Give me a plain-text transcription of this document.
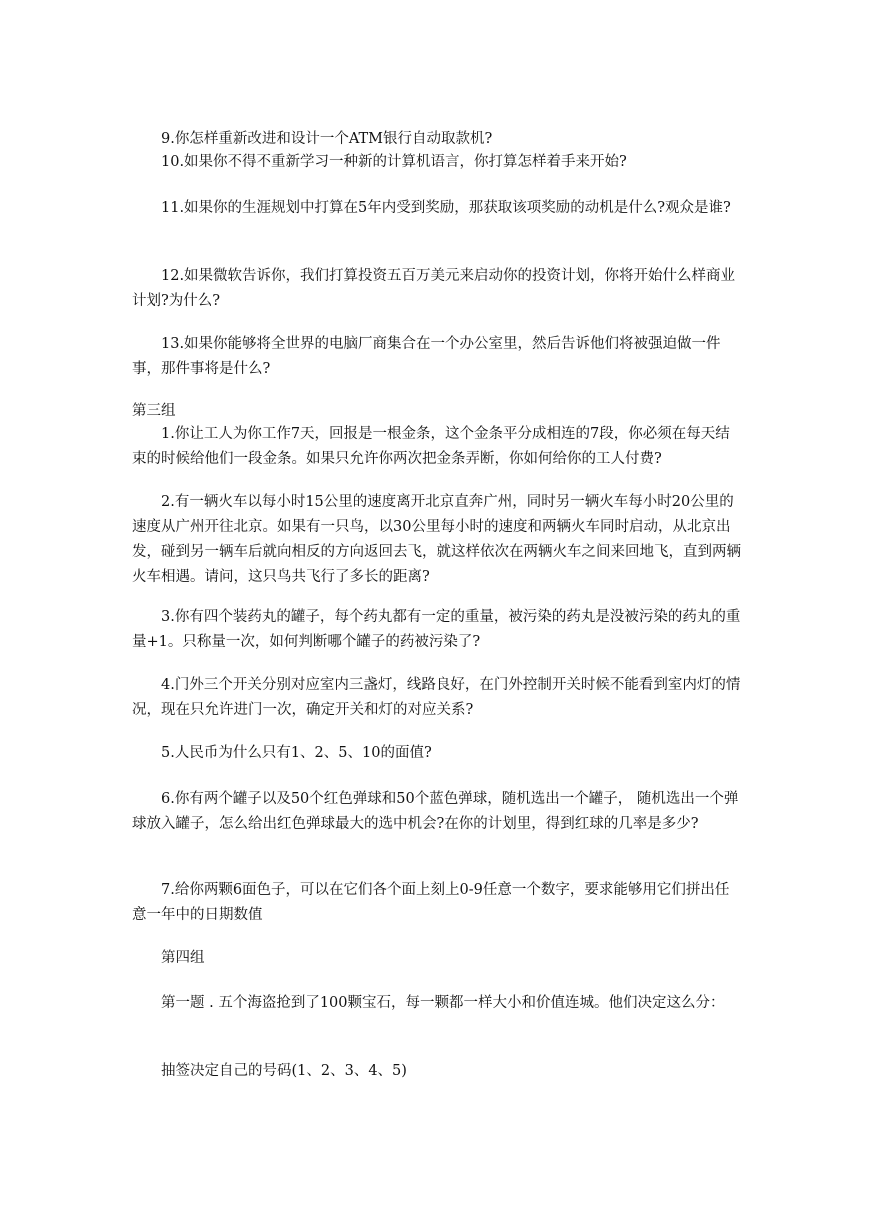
9.你怎样重新改进和设计一个ATM银行自动取款机?

10.如果你不得不重新学习一种新的计算机语言，你打算怎样着手来开始?

11.如果你的生涯规划中打算在5年内受到奖励，那获取该项奖励的动机是什么?观众是谁?

12.如果微软告诉你，我们打算投资五百万美元来启动你的投资计划，你将开始什么样商业计划?为什么?

13.如果你能够将全世界的电脑厂商集合在一个办公室里，然后告诉他们将被强迫做一件事，那件事将是什么?

第三组

1.你让工人为你工作7天，回报是一根金条，这个金条平分成相连的7段，你必须在每天结束的时候给他们一段金条。如果只允许你两次把金条弄断，你如何给你的工人付费?

2.有一辆火车以每小时15公里的速度离开北京直奔广州，同时另一辆火车每小时20公里的速度从广州开往北京。如果有一只鸟，以30公里每小时的速度和两辆火车同时启动，从北京出发，碰到另一辆车后就向相反的方向返回去飞，就这样依次在两辆火车之间来回地飞，直到两辆火车相遇。请问，这只鸟共飞行了多长的距离?

3.你有四个装药丸的罐子，每个药丸都有一定的重量，被污染的药丸是没被污染的药丸的重量+1。只称量一次，如何判断哪个罐子的药被污染了?

4.门外三个开关分别对应室内三盏灯，线路良好，在门外控制开关时候不能看到室内灯的情况，现在只允许进门一次，确定开关和灯的对应关系?

5.人民币为什么只有1、2、5、10的面值?

6.你有两个罐子以及50个红色弹球和50个蓝色弹球，随机选出一个罐子， 随机选出一个弹球放入罐子，怎么给出红色弹球最大的选中机会?在你的计划里，得到红球的几率是多少?

7.给你两颗6面色子，可以在它们各个面上刻上0-9任意一个数字，要求能够用它们拼出任意一年中的日期数值

第四组

第一题 . 五个海盗抢到了100颗宝石，每一颗都一样大小和价值连城。他们决定这么分：

抽签决定自己的号码(1、2、3、4、5)
